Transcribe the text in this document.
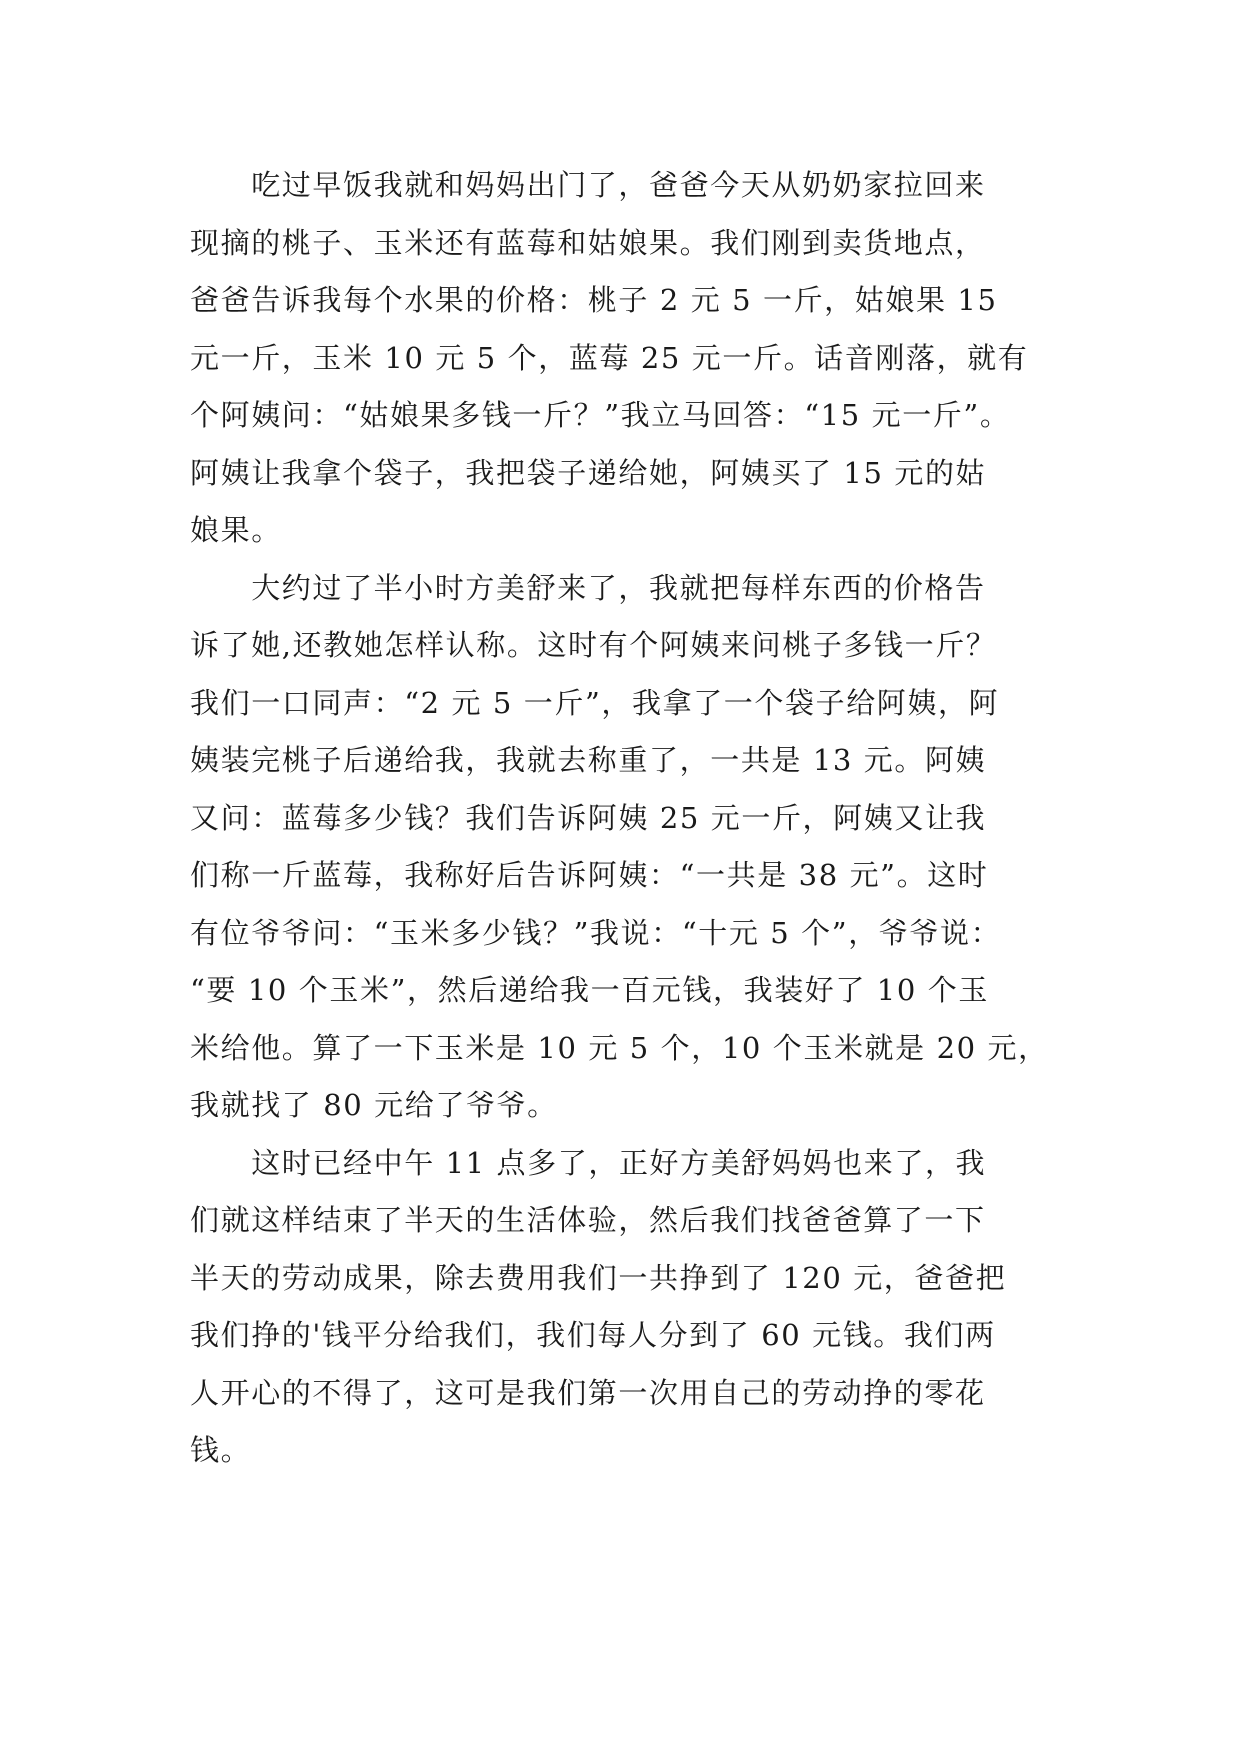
　　吃过早饭我就和妈妈出门了，爸爸今天从奶奶家拉回来
现摘的桃子、玉米还有蓝莓和姑娘果。我们刚到卖货地点，
爸爸告诉我每个水果的价格：桃子 2 元 5 一斤，姑娘果 15
元一斤，玉米 10 元 5 个，蓝莓 25 元一斤。话音刚落，就有
个阿姨问：“姑娘果多钱一斤？”我立马回答：“15 元一斤”。
阿姨让我拿个袋子，我把袋子递给她，阿姨买了 15 元的姑
娘果。

　　大约过了半小时方美舒来了，我就把每样东西的价格告
诉了她,还教她怎样认称。这时有个阿姨来问桃子多钱一斤？
我们一口同声：“2 元 5 一斤”，我拿了一个袋子给阿姨，阿
姨装完桃子后递给我，我就去称重了，一共是 13 元。阿姨
又问：蓝莓多少钱？我们告诉阿姨 25 元一斤，阿姨又让我
们称一斤蓝莓，我称好后告诉阿姨：“一共是 38 元”。这时
有位爷爷问：“玉米多少钱？”我说：“十元 5 个”，爷爷说：
“要 10 个玉米”，然后递给我一百元钱，我装好了 10 个玉
米给他。算了一下玉米是 10 元 5 个，10 个玉米就是 20 元，
我就找了 80 元给了爷爷。

　　这时已经中午 11 点多了，正好方美舒妈妈也来了，我
们就这样结束了半天的生活体验，然后我们找爸爸算了一下
半天的劳动成果，除去费用我们一共挣到了 120 元，爸爸把
我们挣的'钱平分给我们，我们每人分到了 60 元钱。我们两
人开心的不得了，这可是我们第一次用自己的劳动挣的零花
钱。
